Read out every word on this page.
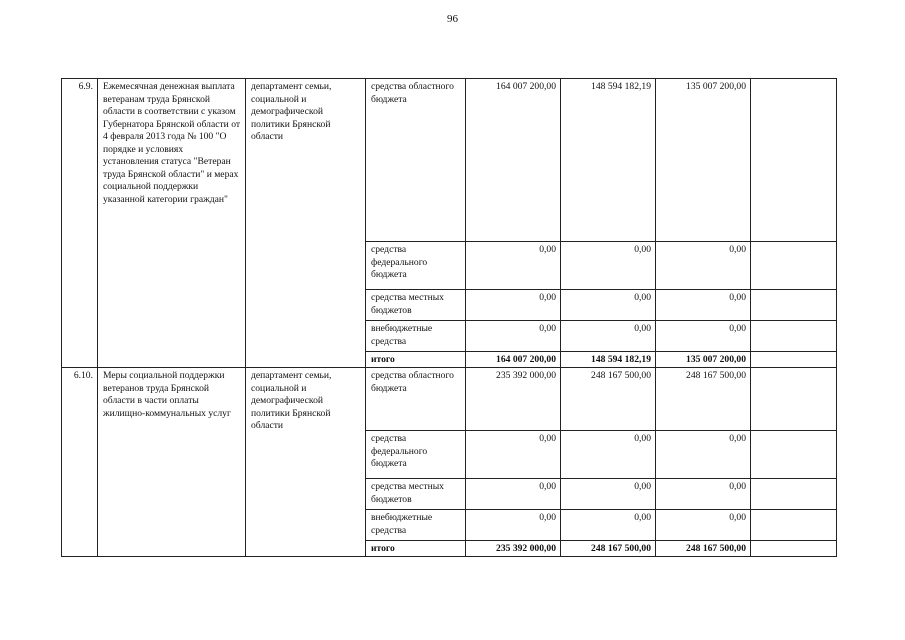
96
6.9.	Ежемесячная денежная выплата ветеранам труда Брянской области в соответствии с указом Губернатора Брянской области от 4 февраля 2013 года № 100 "О порядке и условиях установления статуса "Ветеран труда Брянской области" и мерах социальной поддержки указанной категории граждан"	департамент семьи, социальной и демографической политики Брянской области	средства областного бюджета	164 007 200,00	148 594 182,19	135 007 200,00	
			средства федерального бюджета	0,00	0,00	0,00	
			средства местных бюджетов	0,00	0,00	0,00	
			внебюджетные средства	0,00	0,00	0,00	
			итого	164 007 200,00	148 594 182,19	135 007 200,00	
6.10.	Меры социальной поддержки ветеранов труда Брянской области в части оплаты жилищно-коммунальных услуг	департамент семьи, социальной и демографической политики Брянской области	средства областного бюджета	235 392 000,00	248 167 500,00	248 167 500,00	
			средства федерального бюджета	0,00	0,00	0,00	
			средства местных бюджетов	0,00	0,00	0,00	
			внебюджетные средства	0,00	0,00	0,00	
			итого	235 392 000,00	248 167 500,00	248 167 500,00	
